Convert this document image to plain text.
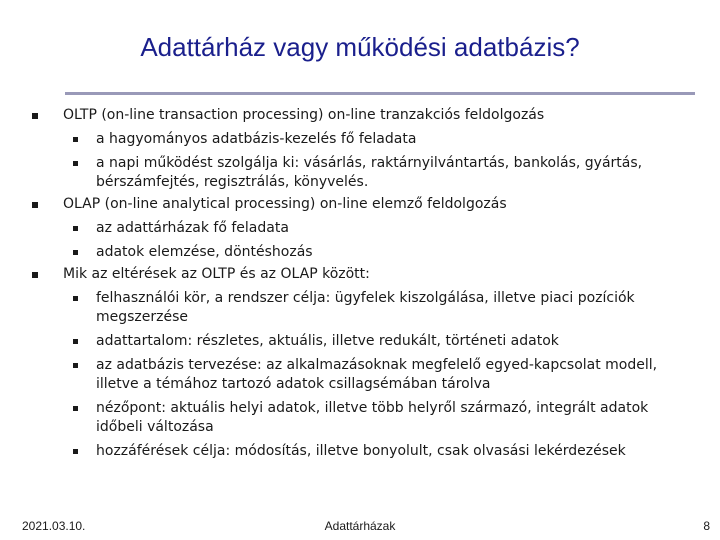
Adattárház vagy működési adatbázis?
OLTP (on-line transaction processing) on-line tranzakciós feldolgozás
a hagyományos adatbázis-kezelés fő feladata
a napi működést szolgálja ki: vásárlás, raktárnyilvántartás, bankolás, gyártás, bérszámfejtés, regisztrálás, könyvelés.
OLAP (on-line analytical processing) on-line elemző feldolgozás
az adattárházak fő feladata
adatok elemzése, döntéshozás
Mik az eltérések az OLTP és az OLAP között:
felhasználói kör, a rendszer célja: ügyfelek kiszolgálása, illetve piaci pozíciók megszerzése
adattartalom: részletes, aktuális, illetve redukált, történeti adatok
az adatbázis tervezése: az alkalmazásoknak megfelelő egyed-kapcsolat modell, illetve a témához tartozó adatok csillagsémában tárolva
nézőpont: aktuális helyi adatok, illetve több helyről származó, integrált adatok időbeli változása
hozzáférések célja: módosítás, illetve bonyolult, csak olvasási lekérdezések
2021.03.10.	Adattárházak	8
